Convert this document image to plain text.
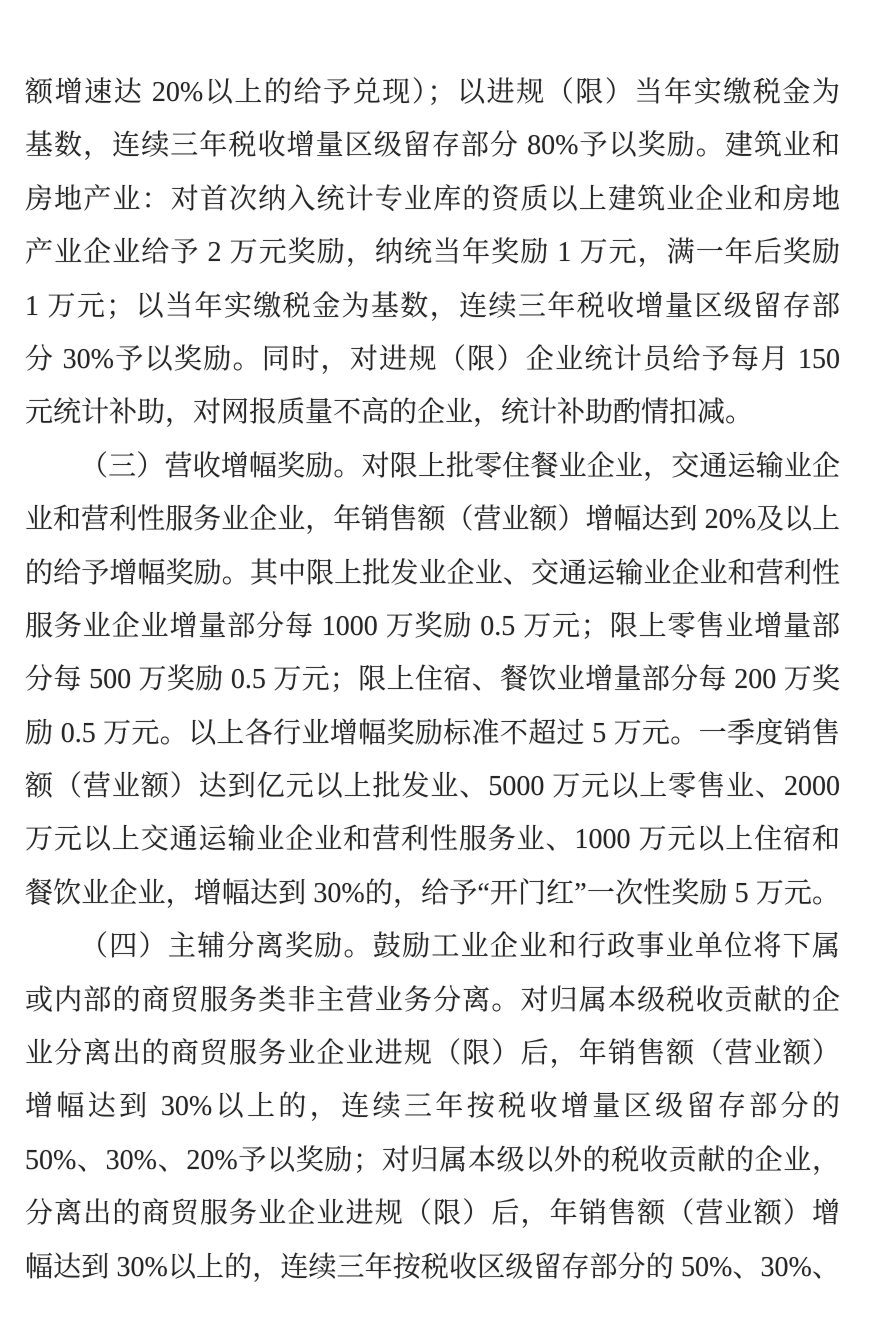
额增速达 20%以上的给予兑现）；以进规（限）当年实缴税金为
基数，连续三年税收增量区级留存部分 80%予以奖励。建筑业和
房地产业：对首次纳入统计专业库的资质以上建筑业企业和房地
产业企业给予 2 万元奖励，纳统当年奖励 1 万元，满一年后奖励
1 万元；以当年实缴税金为基数，连续三年税收增量区级留存部
分 30%予以奖励。同时，对进规（限）企业统计员给予每月 150
元统计补助，对网报质量不高的企业，统计补助酌情扣减。
（三）营收增幅奖励。对限上批零住餐业企业，交通运输业企
业和营利性服务业企业，年销售额（营业额）增幅达到 20%及以上
的给予增幅奖励。其中限上批发业企业、交通运输业企业和营利性
服务业企业增量部分每 1000 万奖励 0.5 万元；限上零售业增量部
分每 500 万奖励 0.5 万元；限上住宿、餐饮业增量部分每 200 万奖
励 0.5 万元。以上各行业增幅奖励标准不超过 5 万元。一季度销售
额（营业额）达到亿元以上批发业、5000 万元以上零售业、2000
万元以上交通运输业企业和营利性服务业、1000 万元以上住宿和
餐饮业企业，增幅达到 30%的，给予“开门红”一次性奖励 5 万元。
（四）主辅分离奖励。鼓励工业企业和行政事业单位将下属
或内部的商贸服务类非主营业务分离。对归属本级税收贡献的企
业分离出的商贸服务业企业进规（限）后，年销售额（营业额）
增幅达到 30%以上的，连续三年按税收增量区级留存部分的
50%、30%、20%予以奖励；对归属本级以外的税收贡献的企业，
分离出的商贸服务业企业进规（限）后，年销售额（营业额）增
幅达到 30%以上的，连续三年按税收区级留存部分的 50%、30%、
